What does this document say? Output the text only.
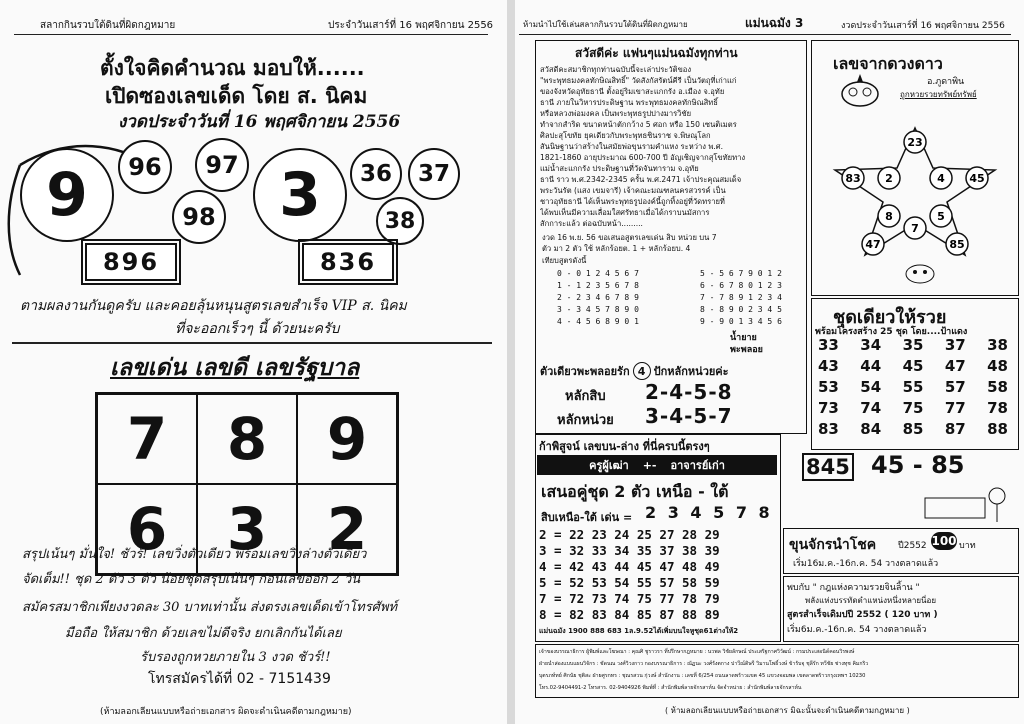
สลากกินรวบใต้ดินที่ผิดกฎหมาย	ประจำวันเสาร์ที่ 16 พฤศจิกายน 2556
ตั้งใจคิดคำนวณ มอบให้......
เปิดซองเลขเด็ด โดย ส. นิคม
งวดประจำวันที่ 16 พฤศจิกายน 2556
9	96
98
97 3	36	37
38
896	836
ตามผลงานกันดูครับ และคอยลุ้นหนุนสูตรเลขสำเร็จ VIP ส. นิคม
ที่จะออกเร็วๆ นี้ ด้วยนะครับ
เลขเด่น เลขดี เลขรัฐบาล
7	8	9
6	3	2
สรุปเน้นๆ มั่นใจ! ชัวร์! เลขวิ่งตัวเดียว พร้อมเลขวิ่งล่างตัวเดียว
จัดเต็ม!! ชุด 2 ตัว 3 ตัว น้อยชุดสรุปเน้นๆ ก่อนเลขออก 2 วัน
สมัครสมาชิกเพียงงวดละ 30 บาทเท่านั้น ส่งตรงเลขเด็ดเข้าโทรศัพท์
มือถือ ให้สมาชิก ด้วยเลขไม่ดีจริง ยกเลิกกันได้เลย
รับรองถูกหวยภายใน 3 งวด ชัวร์!!
โทรสมัครได้ที่ 02 - 7151439
(ห้ามลอกเลียนแบบหรือถ่ายเอกสาร ผิดจะดำเนินคดีตามกฎหมาย)
ห้ามนำไปใช้เล่นสลากกินรวบใต้ดินที่ผิดกฎหมาย	แม่นฉมัง 3	งวดประจำวันเสาร์ที่ 16 พฤศจิกายน 2556
สวัสดีค่ะ แฟนๆแม่นฉมังทุกท่าน
สวัสดีคะสมาชิกทุกท่านฉบับนี้จะเล่าประวัติของ
"พระพุทธมงคลทักษิณสิทธิ์" วัดสังกัสรัตน์คีรี เป็นวัตถุที่เก่าแก่
ของจังหวัดอุทัยธานี ตั้งอยู่ริมเขาสะแกกรัง อ.เมือง จ.อุทัย
ธานี ภายในวิหารประดิษฐาน พระพุทธมงคลทักษิณสิทธิ์
หรือหลวงพ่อมงคล เป็นพระพุทธรูปปางมารวิชัย
ทำจากสำริด ขนาดหน้าตักกว้าง 5 ศอก หรือ 150 เซนติเมตร
ศิลปะสุโขทัย ยุคเดียวกับพระพุทธชินราช จ.พิษณุโลก
สันนิษฐานว่าสร้างในสมัยพ่อขุนรามคำแหง ระหว่าง พ.ศ.
1821-1860 อายุประมาณ 600-700 ปี อัญเชิญจากสุโขทัยทาง
แม่น้ำสะแกกรัง ประดิษฐานที่วัดจันทาราม จ.อุทัย
ธานี ราว พ.ศ.2342-2345 ครั้น พ.ศ.2471 เจ้าประคุณสมเด็จ
พระวันรัต (แสง เขมจารี) เจ้าคณะมณฑลนครสวรรค์ เป็น
ชาวอุทัยธานี ได้เห็นพระพุทธรูปองค์นี้ถูกทิ้งอยู่ที่วัดทรายที่
ได้พบเห็นมีความเลื่อมใสศรัทธาเมื่อได้กราบนมัสการ
สักการะแล้ว ต่อฉบับหน้า.........
งวด 16 พ.ย. 56 ขอเสนอสูตรเลขเด่น สิบ หน่วย บน 7
ตัว มา 2 ตัว ใช้ หลักร้อยต. 1 + หลักร้อยบ. 4
เทียบสูตรดังนี้
0 - 0 1 2 4 5 6 7
1 - 1 2 3 5 6 7 8
2 - 2 3 4 6 7 8 9
3 - 3 4 5 7 8 9 0
4 - 4 5 6 8 9 0 1
5 - 5 6 7 9 0 1 2
6 - 6 7 8 0 1 2 3
7 - 7 8 9 1 2 3 4
8 - 8 9 0 2 3 4 5
9 - 9 0 1 3 4 5 6
น้ำยาย
พะพลอย
ตัวเดียวพะพลอยรัก 4 ปักหลักหน่วยค่ะ
หลักสิบ 2-4-5-8
หลักหน่วย 3-4-5-7
เลขจากดวงดาว
อ.ภูดาพิน
ถูกหวยรวยทรัพย์ทรัพย์
23
83 2	4 45
8	5
47
7
85
ชุดเดียวให้รวย
พร้อมโครงสร้าง 25 ชุด โดย....ป้าแดง
33 34 35 37 38
43 44 45 47 48
53 54 55 57 58
73 74 75 77 78
83 84 85 87 88
845 45 - 85
ขุนจักรนำโชค ปี2552 100 บาท
เริ่ม16ม.ค.-16ก.ค. 54 วางตลาดแล้ว
พบกับ " กฎแห่งความรวยจินลิ้าน "
พลังแห่งบรรทัดตำแหน่งหนึ่งหลายนี่อย
สูตรสำเร็จเดิมปปี 2552 ( 120 บาท )
เริ่ม6ม.ค.-16ก.ค. 54 วางตลาดแล้ว
ก้าพิสูจน์ เลขบน-ล่าง ที่นี่ครบนี้ตรงๆ
ครูผู้เฒ่า +- อาจารย์เก่า
เสนอคู่ชุด 2 ตัว เหนือ - ใต้
สิบเหนือ-ใต้ เด่น = 2 3 4 5 7 8
2 = 22 23 24 25 27 28 29
3 = 32 33 34 35 37 38 39
4 = 42 43 44 45 47 48 49
5 = 52 53 54 55 57 58 59
7 = 72 73 74 75 77 78 79
8 = 82 83 84 85 87 88 89
แม่นฉมัง 1900 888 683 1ล.9.52ได้เพิ่มบนใจหูชุด61ต่างให้2
เจ้าของบรรณาธิการ ผู้พิมพ์และโฆษณา : คุณศิ ชูราวรา ที่ปรึกษากฎหมาย : นวพล วิชัยลักษณ์ ประเสริฐกาศวิวัฒน์ : กรมประเสอนิด์คอนวิรพงษ์
ฝ่ายนำส่องแบบแผนวิจักร : ชัดนณ วงศ์วิวงกาว กองบรรณาธิการ : ณัฏนะ วงศ์รังตกาง ปาวีณ์ดิษรี วิมานโพธิ์วงษ์ ข้ารับจุ ชุลีรัก ทวีชัย ช่างทุช คิมกริว
บุตรภท์ทย์ ศิกนัย ชุติสะ ฝ่ายศูรกทร : ชุณรสวน กุ่วงษ์ สำนักงาน : เลขที่ 6/254 ถนนลาดพร้าวแขต 45 แขวงจอมพล เขตลาดพร้าวกรุงเทพฯ 10230
โทร.02-9404491-2 โทรสาร. 02-9404926 พิมพ์ที่ : สำนักพิมพ์ลายจักรสาห์น จัดจำหน่าย : สำนักพิมพ์ลายจักรสาห์น
( ห้ามลอกเลียนแบบหรือถ่ายเอกสาร มิฉะนั้นจะดำเนินคดีตามกฎหมาย )
